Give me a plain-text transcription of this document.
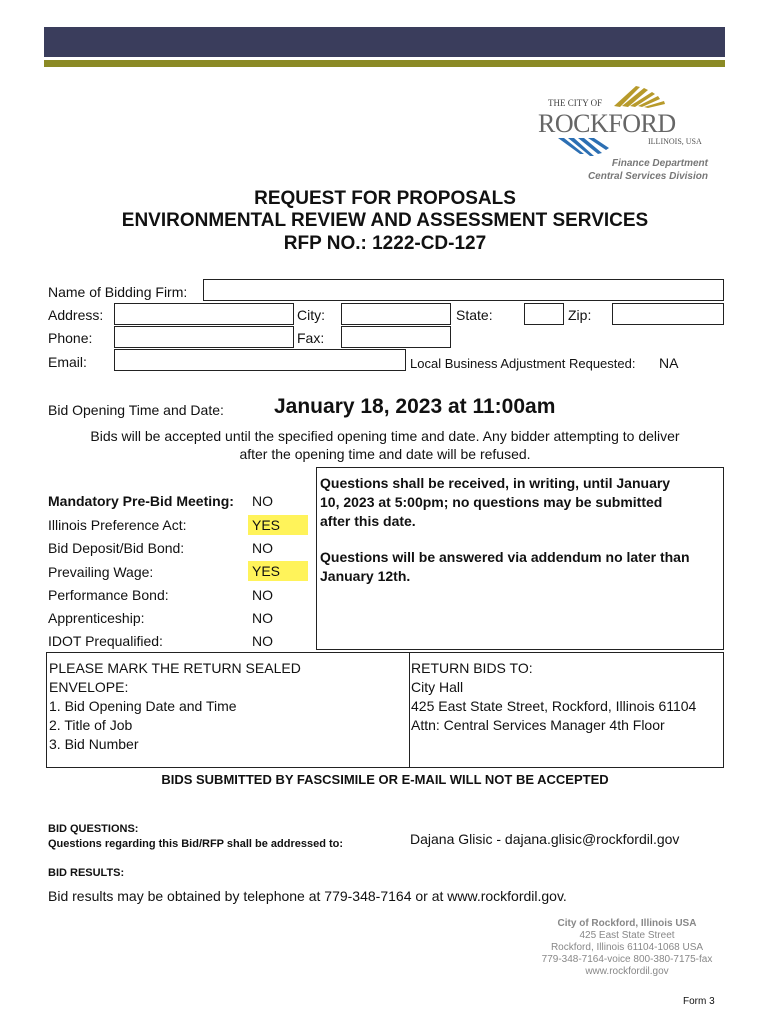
THE CITY OF
ROCKFORD
ILLINOIS, USA
Finance Department
Central Services Division
REQUEST FOR PROPOSALS
ENVIRONMENTAL REVIEW AND ASSESSMENT SERVICES
RFP NO.: 1222-CD-127
Name of Bidding Firm:
Address:	City:	State:	Zip:
Phone:	Fax:
Email:	Local Business Adjustment Requested: NA
Bid Opening Time and Date: January 18, 2023 at 11:00am
Bids will be accepted until the specified opening time and date. Any bidder attempting to deliver
after the opening time and date will be refused.
Mandatory Pre-Bid Meeting: NO
Illinois Preference Act:	YES
Bid Deposit/Bid Bond:	NO
Prevailing Wage:	YES
Performance Bond:	NO
Apprenticeship:	NO
IDOT Prequalified:	NO
Questions shall be received, in writing, until January
10, 2023 at 5:00pm; no questions may be submitted
after this date.
Questions will be answered via addendum no later than
January 12th.
PLEASE MARK THE RETURN SEALED
ENVELOPE:
1. Bid Opening Date and Time
2. Title of Job
3. Bid Number
RETURN BIDS TO:
City Hall
425 East State Street, Rockford, Illinois 61104
Attn: Central Services Manager 4th Floor
BIDS SUBMITTED BY FASCSIMILE OR E-MAIL WILL NOT BE ACCEPTED
BID QUESTIONS:
Questions regarding this Bid/RFP shall be addressed to:	Dajana Glisic - dajana.glisic@rockfordil.gov
BID RESULTS:
Bid results may be obtained by telephone at 779-348-7164 or at www.rockfordil.gov.
City of Rockford, Illinois USA
425 East State Street
Rockford, Illinois 61104-1068 USA
779-348-7164-voice 800-380-7175-fax
www.rockfordil.gov
Form 3
